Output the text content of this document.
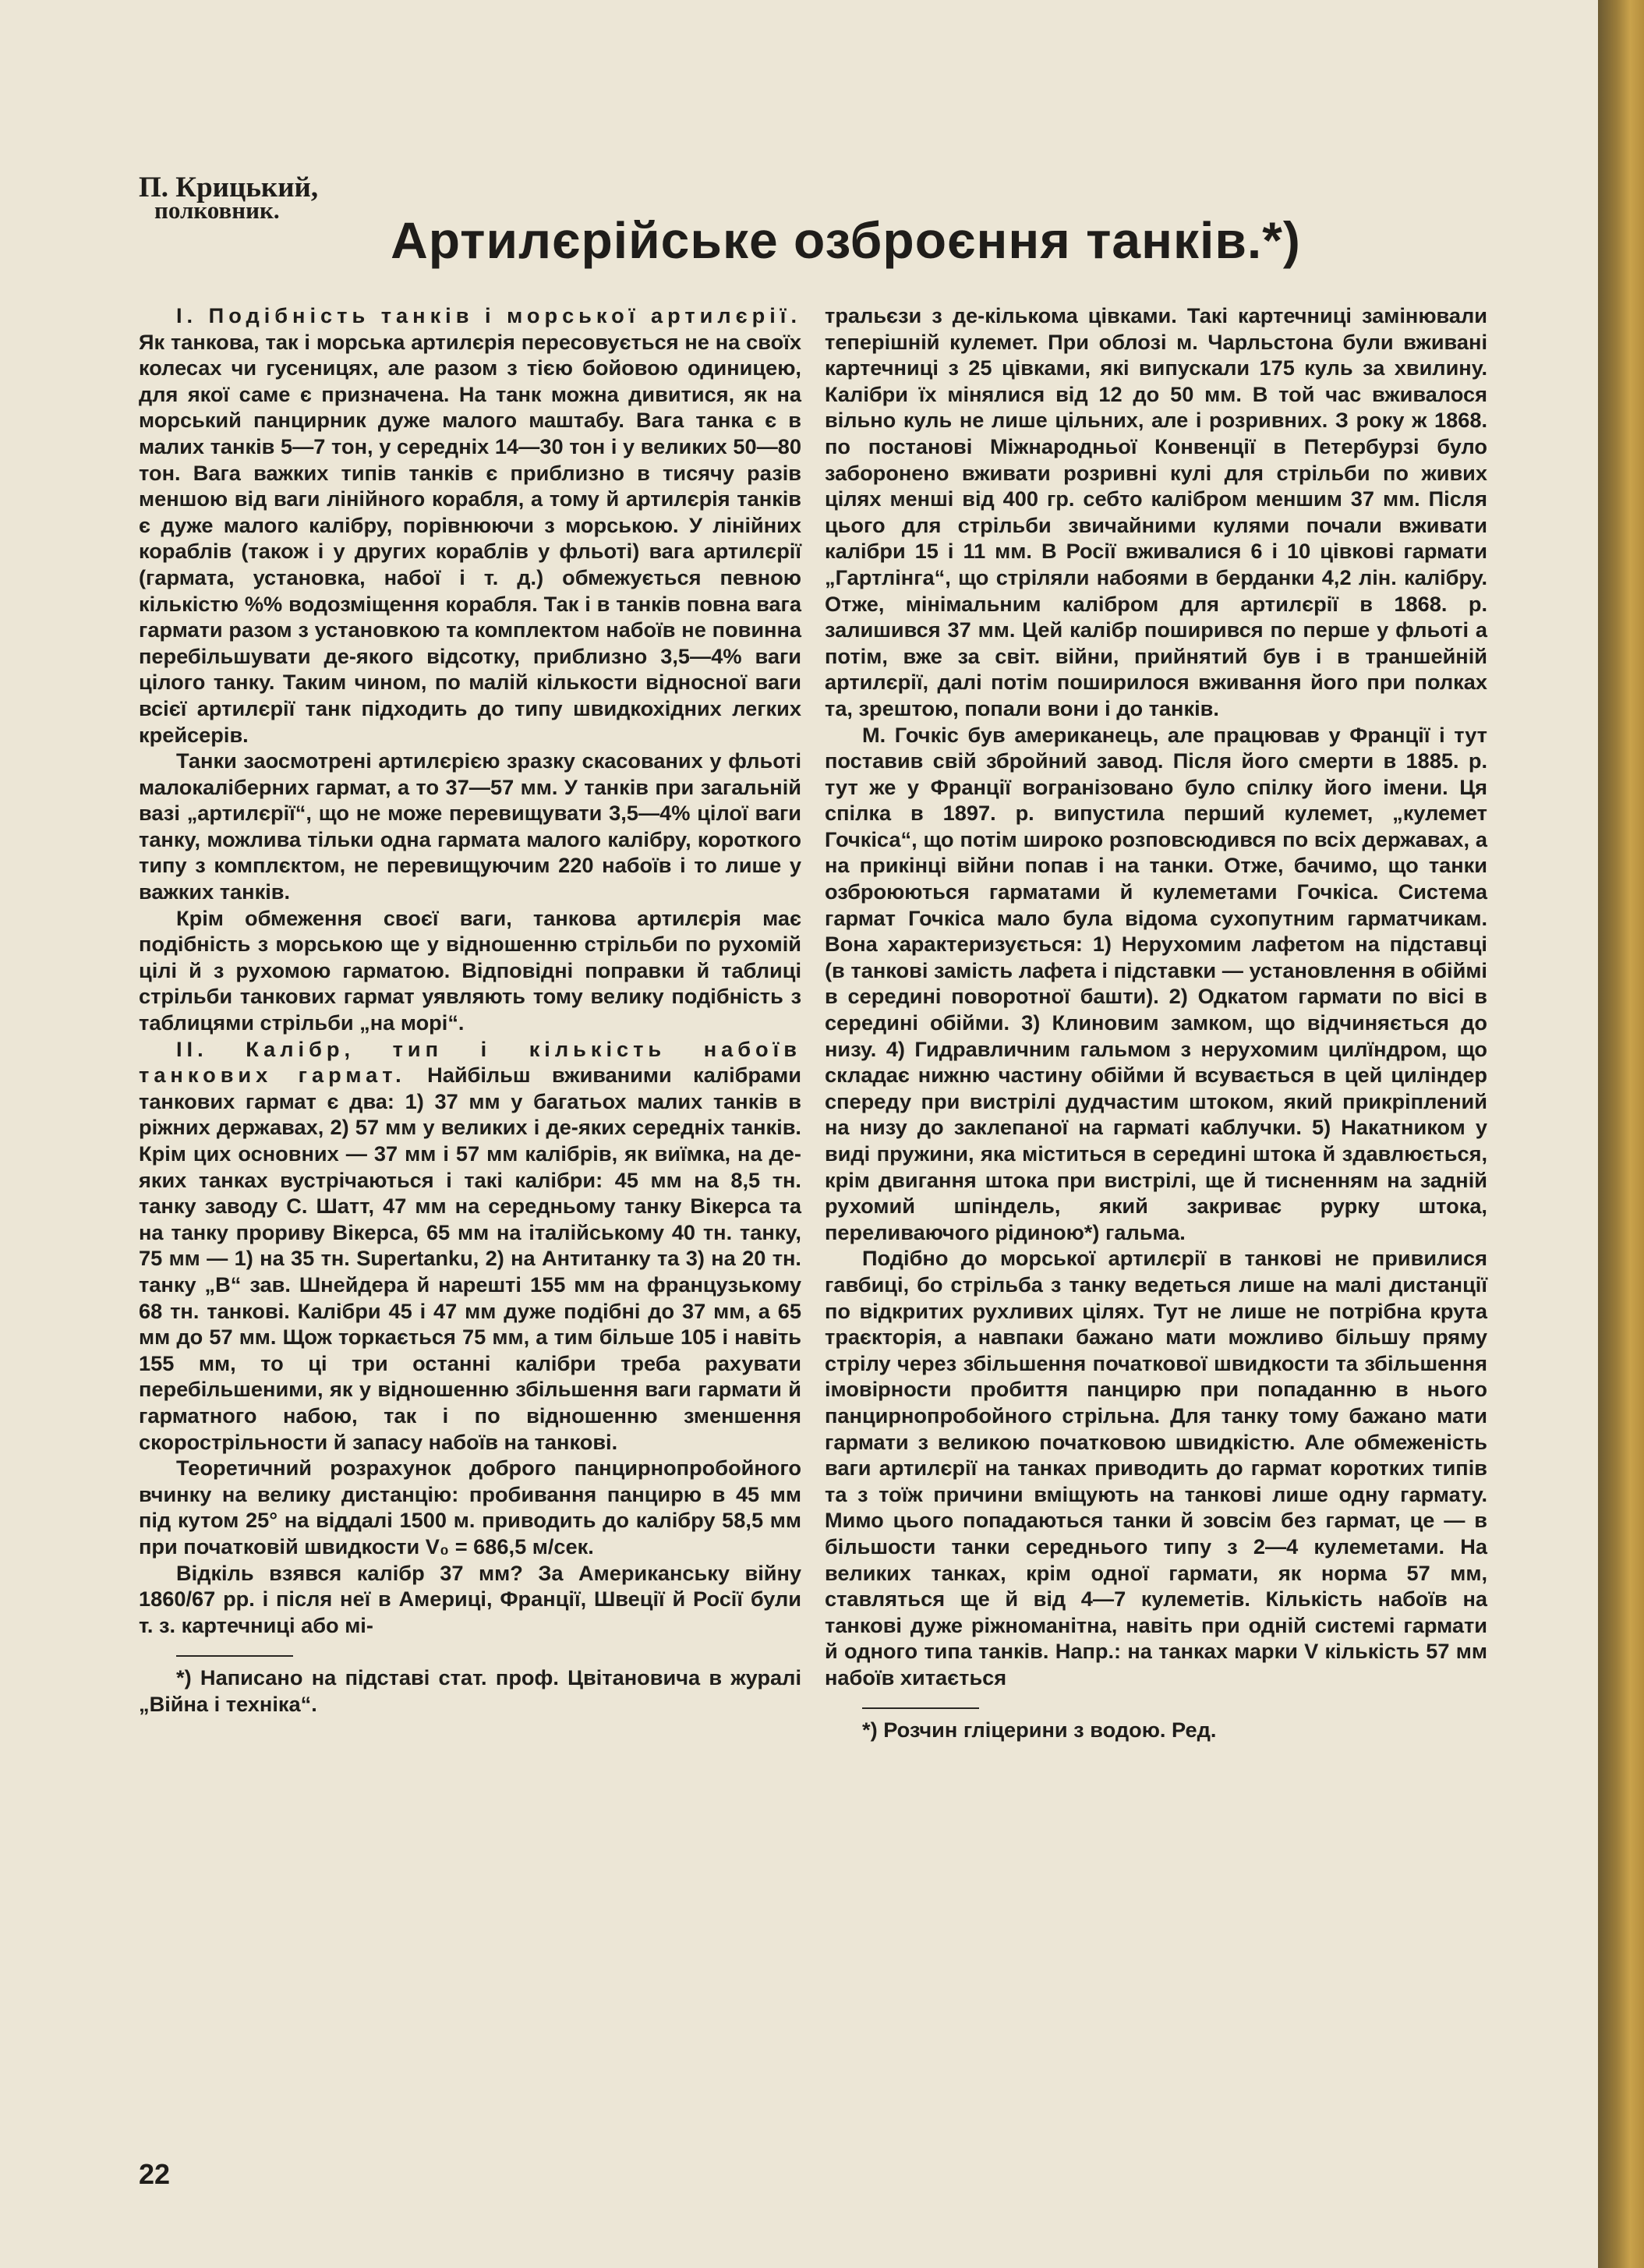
П. Крицький,
полковник.
Артилєрійське озброєння танків.*)

I. Подібність танків і морської артилєрії. Як танкова, так і морська артилєрія пересовується не на своїх колесах чи гусеницях, але разом з тією бойовою одиницею, для якої саме є призначена. На танк можна дивитися, як на морський панцирник дуже малого маштабу. Вага танка є в малих танків 5—7 тон, у середніх 14—30 тон і у великих 50—80 тон. Вага важких типів танків є приблизно в тисячу разів меншою від ваги лінійного корабля, а тому й артилєрія танків є дуже малого калібру, порівнюючи з морською. У лінійних кораблів (також і у других кораблів у фльоті) вага артилєрії (гармата, установка, набої і т. д.) обмежується певною кількістю %% водозміщення корабля. Так і в танків повна вага гармати разом з установкою та комплектом набоїв не повинна перебільшувати де-якого відсотку, приблизно 3,5—4% ваги цілого танку. Таким чином, по малій кількости відносної ваги всієї артилєрії танк підходить до типу швидкохідних легких крейсерів.

Танки заосмотрені артилєрією зразку скасованих у фльоті малокаліберних гармат, а то 37—57 мм. У танків при загальній вазі „артилєрії“, що не може перевищувати 3,5—4% цілої ваги танку, можлива тільки одна гармата малого калібру, короткого типу з комплєктом, не перевищуючим 220 набоїв і то лише у важких танків.

Крім обмеження своєї ваги, танкова артилєрія має подібність з морською ще у відношенню стрільби по рухомій цілі й з рухомою гарматою. Відповідні поправки й таблиці стрільби танкових гармат уявляють тому велику подібність з таблицями стрільби „на морі“.

II. Калібр, тип і кількість набоїв танкових гармат. Найбільш вживаними калібрами танкових гармат є два: 1) 37 мм у багатьох малих танків в ріжних державах, 2) 57 мм у великих і де-яких середніх танків. Крім цих основних — 37 мм і 57 мм калібрів, як виїмка, на де-яких танках вустрічаються і такі калібри: 45 мм на 8,5 тн. танку заводу С. Шатт, 47 мм на середньому танку Вікерса та на танку прориву Вікерса, 65 мм на італійському 40 тн. танку, 75 мм — 1) на 35 тн. Supertanku, 2) на Антитанку та 3) на 20 тн. танку „B“ зав. Шнейдера й нарешті 155 мм на французькому 68 тн. танкові. Калібри 45 і 47 мм дуже подібні до 37 мм, а 65 мм до 57 мм. Щож торкається 75 мм, а тим більше 105 і навіть 155 мм, то ці три останні калібри треба рахувати перебільшеними, як у відношенню збільшення ваги гармати й гарматного набою, так і по відношенню зменшення скорострільности й запасу набоїв на танкові.

Теоретичний розрахунок доброго панцирнопробойного вчинку на велику дистанцію: пробивання панцирю в 45 мм під кутом 25° на віддалі 1500 м. приводить до калібру 58,5 мм при початковій швидкости V₀ = 686,5 м/сек.

Відкіль взявся калібр 37 мм? За Американську війну 1860/67 рр. і після неї в Америці, Франції, Швеції й Росії були т. з. картечниці або мі-

*) Написано на підставі стат. проф. Цвітановича в журалі „Війна і техніка“.

тральєзи з де-кількома цівками. Такі картечниці замінювали теперішній кулемет. При облозі м. Чарльстона були вживані картечниці з 25 цівками, які випускали 175 куль за хвилину. Калібри їх мінялися від 12 до 50 мм. В той час вживалося вільно куль не лише цільних, але і розривних. З року ж 1868. по постанові Міжнародньої Конвенції в Петербурзі було заборонено вживати розривні кулі для стрільби по живих цілях менші від 400 гр. себто калібром меншим 37 мм. Після цього для стрільби звичайними кулями почали вживати калібри 15 і 11 мм. В Росії вживалися 6 і 10 цівкові гармати „Гартлінга“, що стріляли набоями в берданки 4,2 лін. калібру. Отже, мінімальним калібром для артилєрії в 1868. р. залишився 37 мм. Цей калібр поширився по перше у фльоті а потім, вже за світ. війни, прийнятий був і в траншейній артилєрії, далі потім поширилося вживання його при полках та, зрештою, попали вони і до танків.

М. Гочкіс був американець, але працював у Франції і тут поставив свій збройний завод. Після його смерти в 1885. р. тут же у Франції вогранізовано було спілку його імени. Ця спілка в 1897. р. випустила перший кулемет, „кулемет Гочкіса“, що потім широко розповсюдився по всіх державах, а на прикінці війни попав і на танки. Отже, бачимо, що танки озброюються гарматами й кулеметами Гочкіса. Система гармат Гочкіса мало була відома сухопутним гарматчикам. Вона характеризується: 1) Нерухомим лафетом на підставці (в танкові замість лафета і підставки — установлення в обіймі в середині поворотної башти). 2) Одкатом гармати по вісі в середині обійми. 3) Клиновим замком, що відчиняється до низу. 4) Гидравличним гальмом з нерухомим цилїндром, що складає нижню частину обійми й всувається в цей циліндер спереду при вистрілі дудчастим штоком, який прикріплений на низу до заклепаної на гарматі каблучки. 5) Накатником у виді пружини, яка міститься в середині штока й здавлюється, крім двигання штока при вистрілі, ще й тисненням на задній рухомий шпіндель, який закриває рурку штока, переливаючого рідиною*) гальма.

Подібно до морської артилєрії в танкові не привилися гавбиці, бо стрільба з танку ведеться лише на малі дистанції по відкритих рухливих цілях. Тут не лише не потрібна крута траєкторія, а навпаки бажано мати можливо більшу пряму стрілу через збільшення початкової швидкости та збільшення імовірности пробиття панцирю при попаданню в нього панцирнопробойного стрільна. Для танку тому бажано мати гармати з великою початковою швидкістю. Але обмеженість ваги артилєрії на танках приводить до гармат коротких типів та з тоїж причини вміщують на танкові лише одну гармату. Мимо цього попадаються танки й зовсім без гармат, це — в більшости танки середнього типу з 2—4 кулеметами. На великих танках, крім одної гармати, як норма 57 мм, ставляться ще й від 4—7 кулеметів. Кількість набоїв на танкові дуже ріжноманітна, навіть при одній системі гармати й одного типа танків. Напр.: на танках марки V кількість 57 мм набоїв хитається

*) Розчин гліцерини з водою. Ред.

22
